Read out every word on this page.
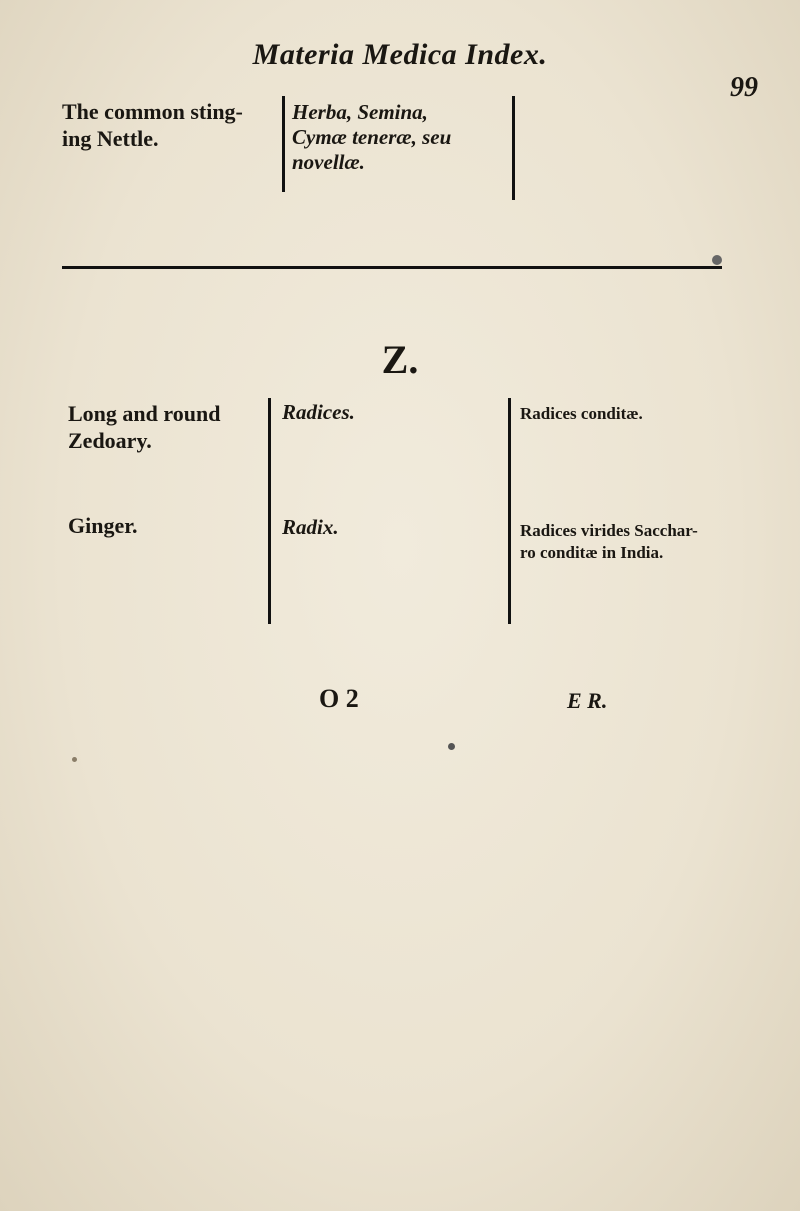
Materia Medica Index.
99
The common sting-
ing Nettle.
Herba, Semina,
Cymæ teneræ, seu
novellæ.
Z.
Long and round
Zedoary.
Ginger.
Radices.
Radix.
Radices conditæ.
Radices virides Sacchar-
ro conditæ in India.
O 2	E R.
